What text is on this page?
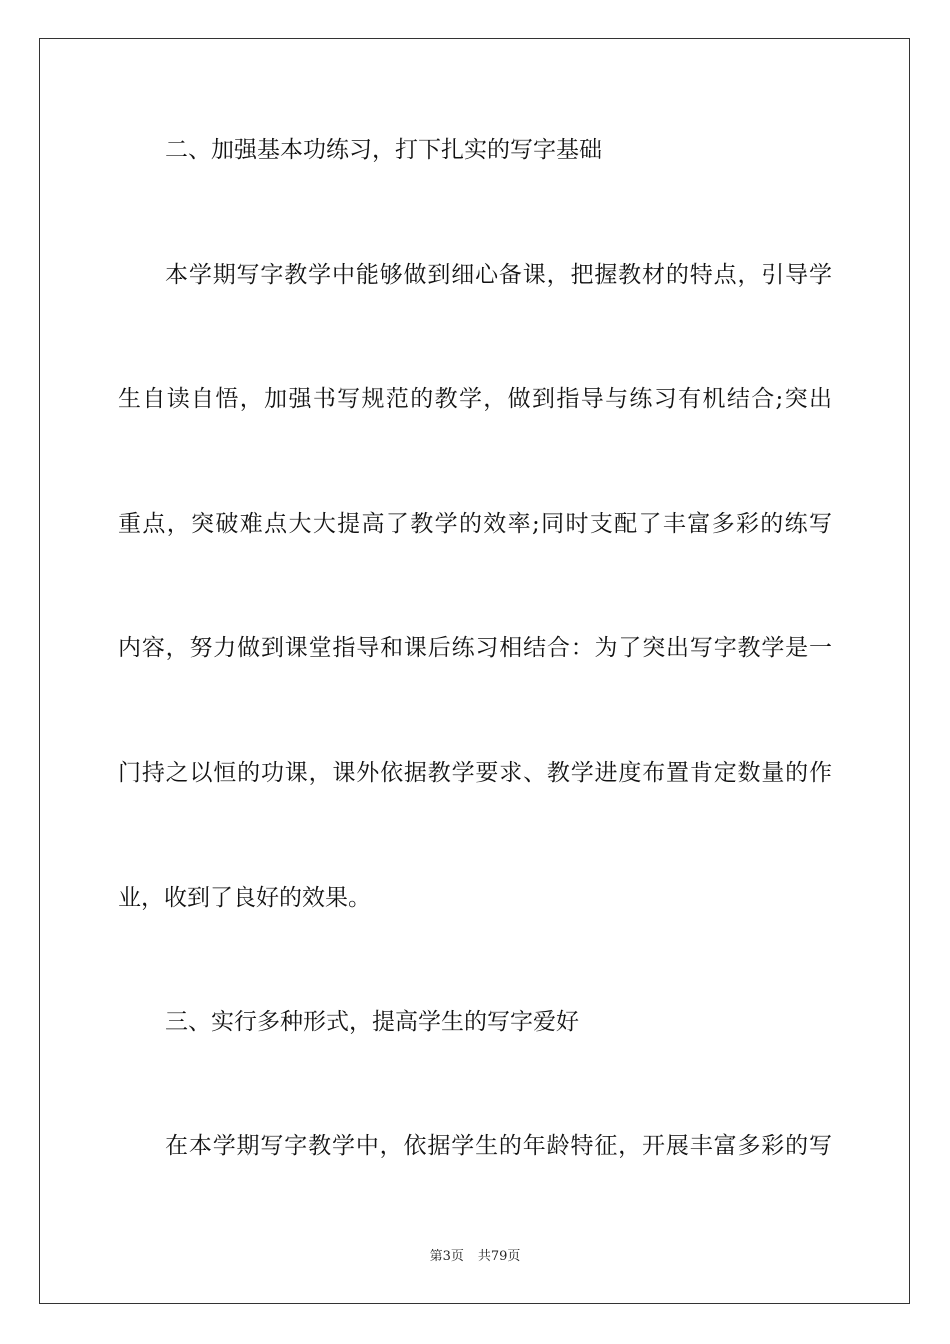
二、加强基本功练习，打下扎实的写字基础
本学期写字教学中能够做到细心备课，把握教材的特点，引导学
生自读自悟，加强书写规范的教学，做到指导与练习有机结合;突出
重点，突破难点大大提高了教学的效率;同时支配了丰富多彩的练写
内容，努力做到课堂指导和课后练习相结合：为了突出写字教学是一
门持之以恒的功课，课外依据教学要求、教学进度布置肯定数量的作
业，收到了良好的效果。
三、实行多种形式，提高学生的写字爱好
在本学期写字教学中，依据学生的年龄特征，开展丰富多彩的写
第3页 共79页
